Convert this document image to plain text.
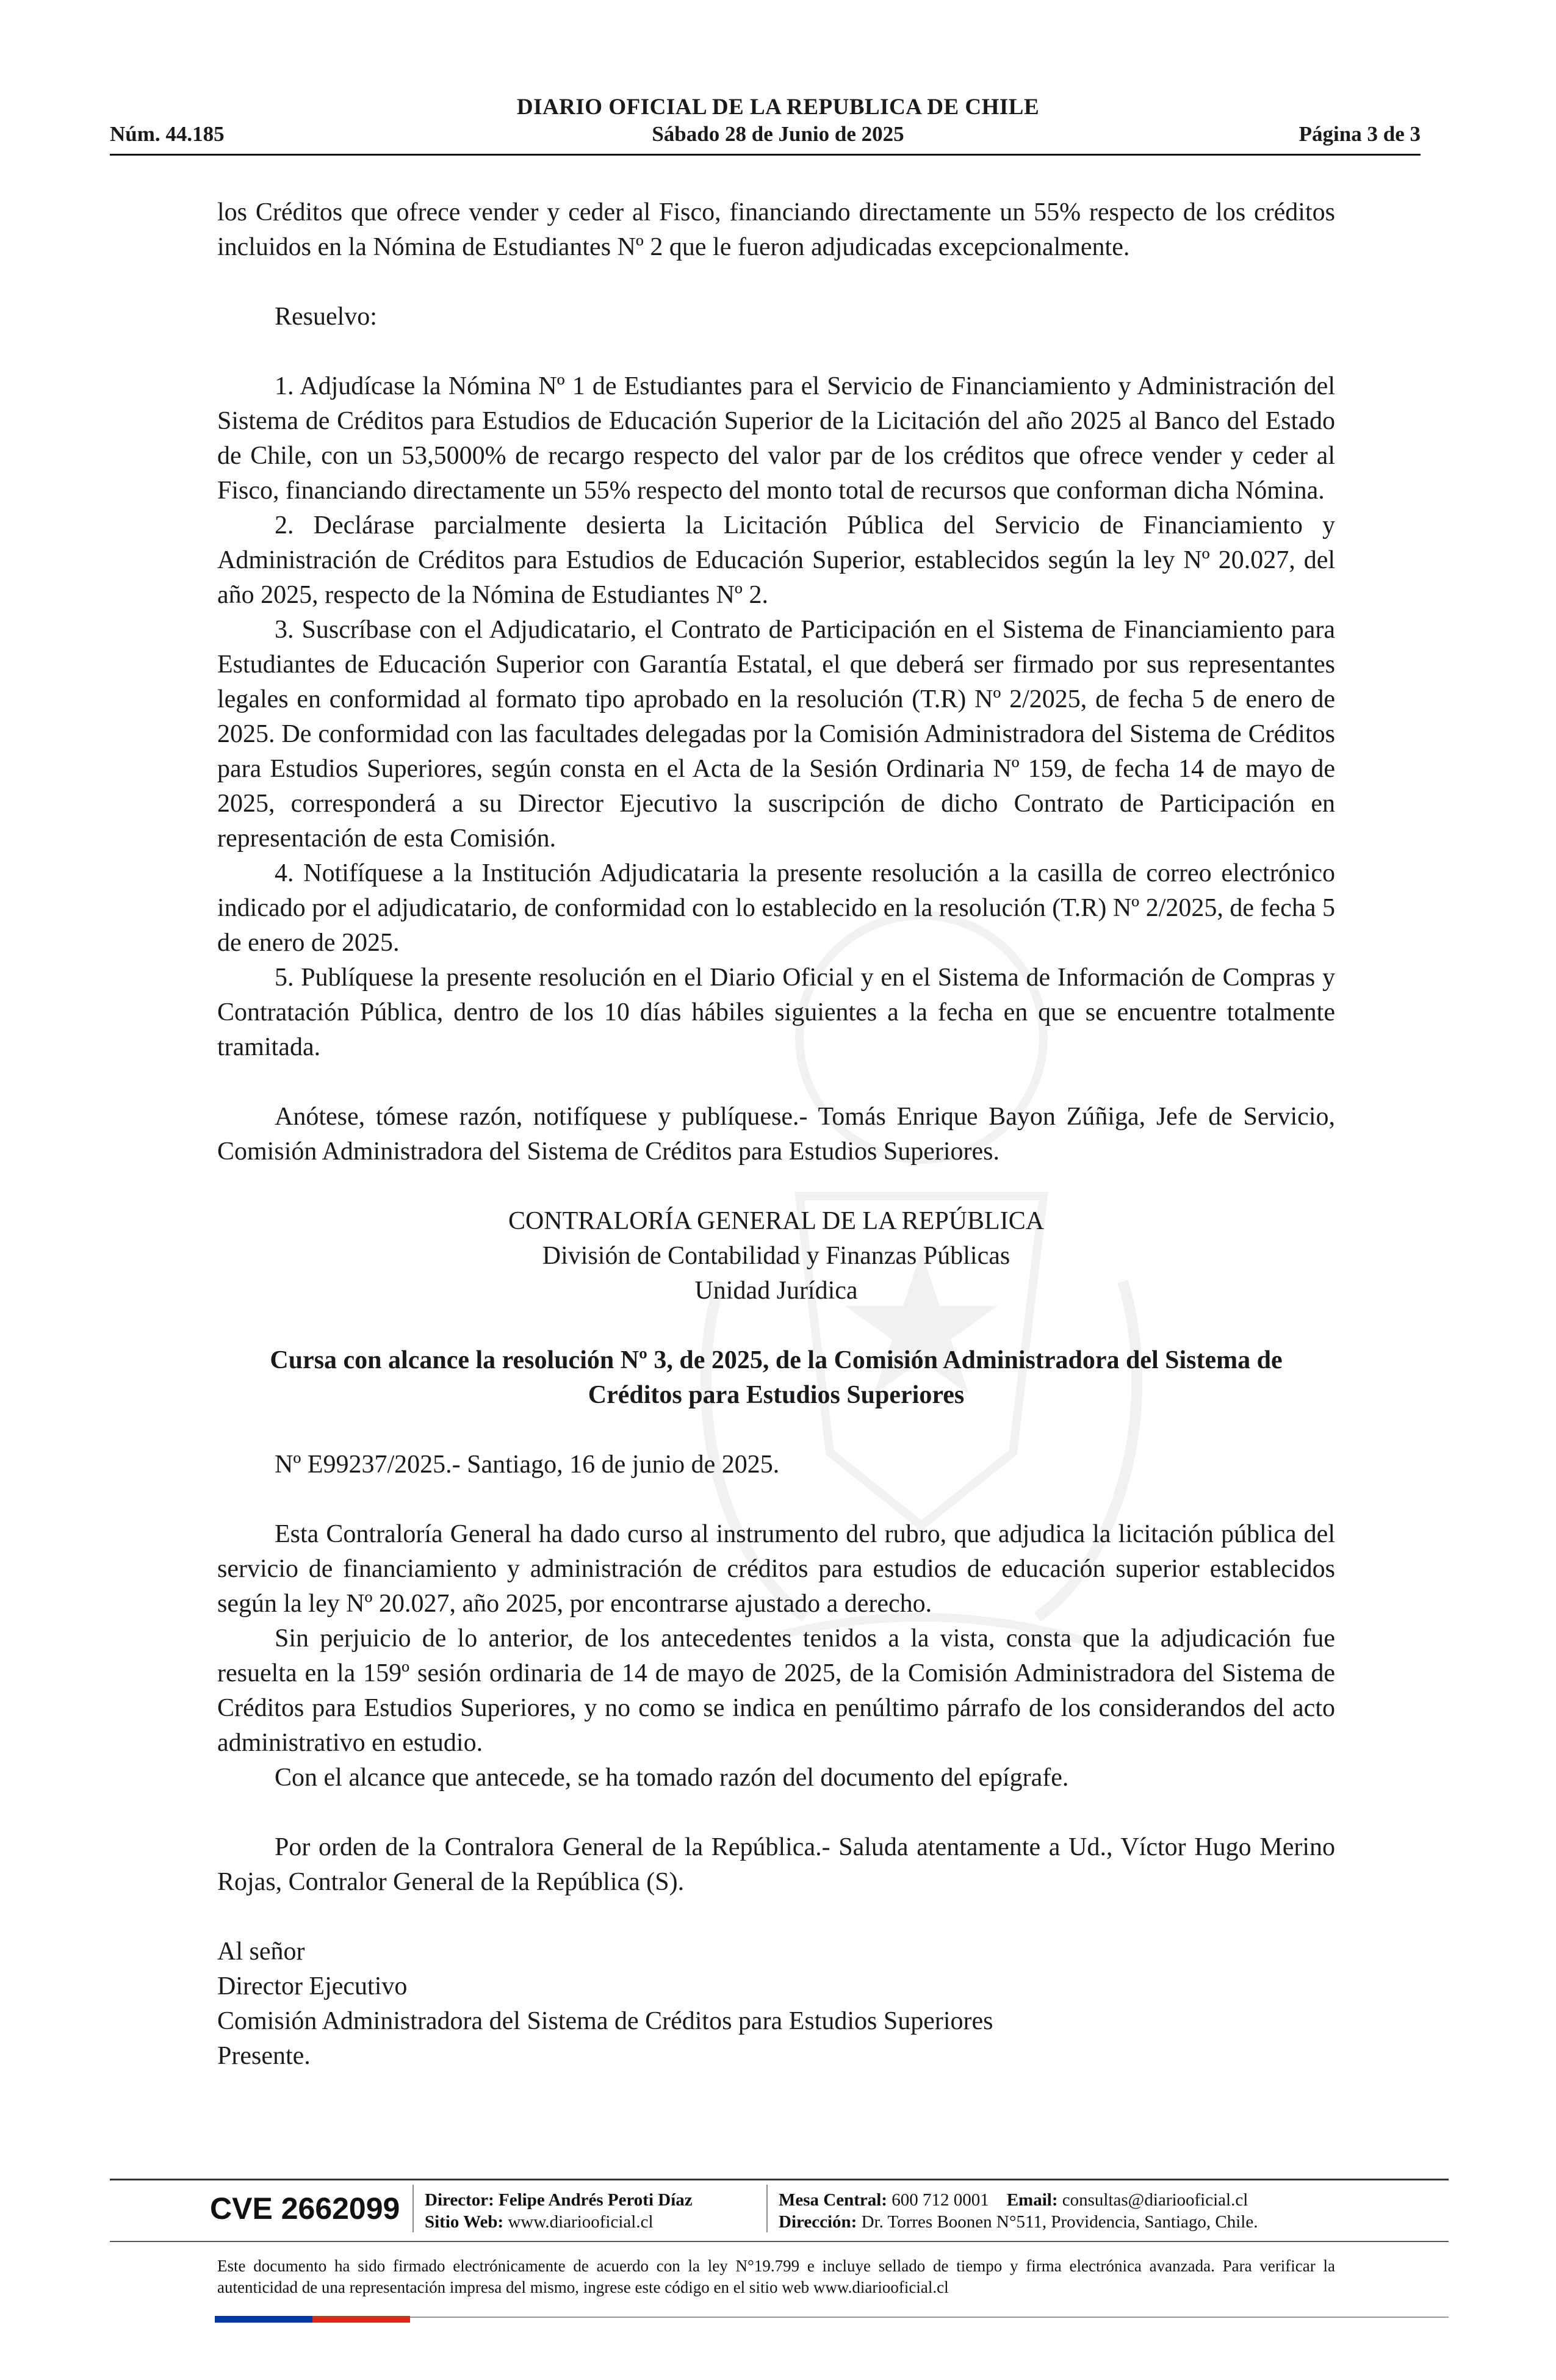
DIARIO OFICIAL DE LA REPUBLICA DE CHILE
Núm. 44.185	Sábado 28 de Junio de 2025	Página 3 de 3

los Créditos que ofrece vender y ceder al Fisco, financiando directamente un 55% respecto de los créditos incluidos en la Nómina de Estudiantes Nº 2 que le fueron adjudicadas excepcionalmente.

Resuelvo:

1. Adjudícase la Nómina Nº 1 de Estudiantes para el Servicio de Financiamiento y Administración del Sistema de Créditos para Estudios de Educación Superior de la Licitación del año 2025 al Banco del Estado de Chile, con un 53,5000% de recargo respecto del valor par de los créditos que ofrece vender y ceder al Fisco, financiando directamente un 55% respecto del monto total de recursos que conforman dicha Nómina.

2. Declárase parcialmente desierta la Licitación Pública del Servicio de Financiamiento y Administración de Créditos para Estudios de Educación Superior, establecidos según la ley Nº 20.027, del año 2025, respecto de la Nómina de Estudiantes Nº 2.

3. Suscríbase con el Adjudicatario, el Contrato de Participación en el Sistema de Financiamiento para Estudiantes de Educación Superior con Garantía Estatal, el que deberá ser firmado por sus representantes legales en conformidad al formato tipo aprobado en la resolución (T.R) Nº 2/2025, de fecha 5 de enero de 2025. De conformidad con las facultades delegadas por la Comisión Administradora del Sistema de Créditos para Estudios Superiores, según consta en el Acta de la Sesión Ordinaria Nº 159, de fecha 14 de mayo de 2025, corresponderá a su Director Ejecutivo la suscripción de dicho Contrato de Participación en representación de esta Comisión.

4. Notifíquese a la Institución Adjudicataria la presente resolución a la casilla de correo electrónico indicado por el adjudicatario, de conformidad con lo establecido en la resolución (T.R) Nº 2/2025, de fecha 5 de enero de 2025.

5. Publíquese la presente resolución en el Diario Oficial y en el Sistema de Información de Compras y Contratación Pública, dentro de los 10 días hábiles siguientes a la fecha en que se encuentre totalmente tramitada.

Anótese, tómese razón, notifíquese y publíquese.- Tomás Enrique Bayon Zúñiga, Jefe de Servicio, Comisión Administradora del Sistema de Créditos para Estudios Superiores.

CONTRALORÍA GENERAL DE LA REPÚBLICA

División de Contabilidad y Finanzas Públicas

Unidad Jurídica

Cursa con alcance la resolución Nº 3, de 2025, de la Comisión Administradora del Sistema de Créditos para Estudios Superiores

Nº E99237/2025.- Santiago, 16 de junio de 2025.

Esta Contraloría General ha dado curso al instrumento del rubro, que adjudica la licitación pública del servicio de financiamiento y administración de créditos para estudios de educación superior establecidos según la ley Nº 20.027, año 2025, por encontrarse ajustado a derecho.

Sin perjuicio de lo anterior, de los antecedentes tenidos a la vista, consta que la adjudicación fue resuelta en la 159º sesión ordinaria de 14 de mayo de 2025, de la Comisión Administradora del Sistema de Créditos para Estudios Superiores, y no como se indica en penúltimo párrafo de los considerandos del acto administrativo en estudio.

Con el alcance que antecede, se ha tomado razón del documento del epígrafe.

Por orden de la Contralora General de la República.- Saluda atentamente a Ud., Víctor Hugo Merino Rojas, Contralor General de la República (S).

Al señor

Director Ejecutivo

Comisión Administradora del Sistema de Créditos para Estudios Superiores

Presente.

CVE 2662099 Director: Felipe Andrés Peroti Díaz
Sitio Web: www.diariooficial.cl
Mesa Central: 600 712 0001 Email: consultas@diariooficial.cl
Dirección: Dr. Torres Boonen N°511, Providencia, Santiago, Chile.
Este documento ha sido firmado electrónicamente de acuerdo con la ley N°19.799 e incluye sellado de tiempo y firma electrónica avanzada. Para verificar la autenticidad de una representación impresa del mismo, ingrese este código en el sitio web www.diariooficial.cl
